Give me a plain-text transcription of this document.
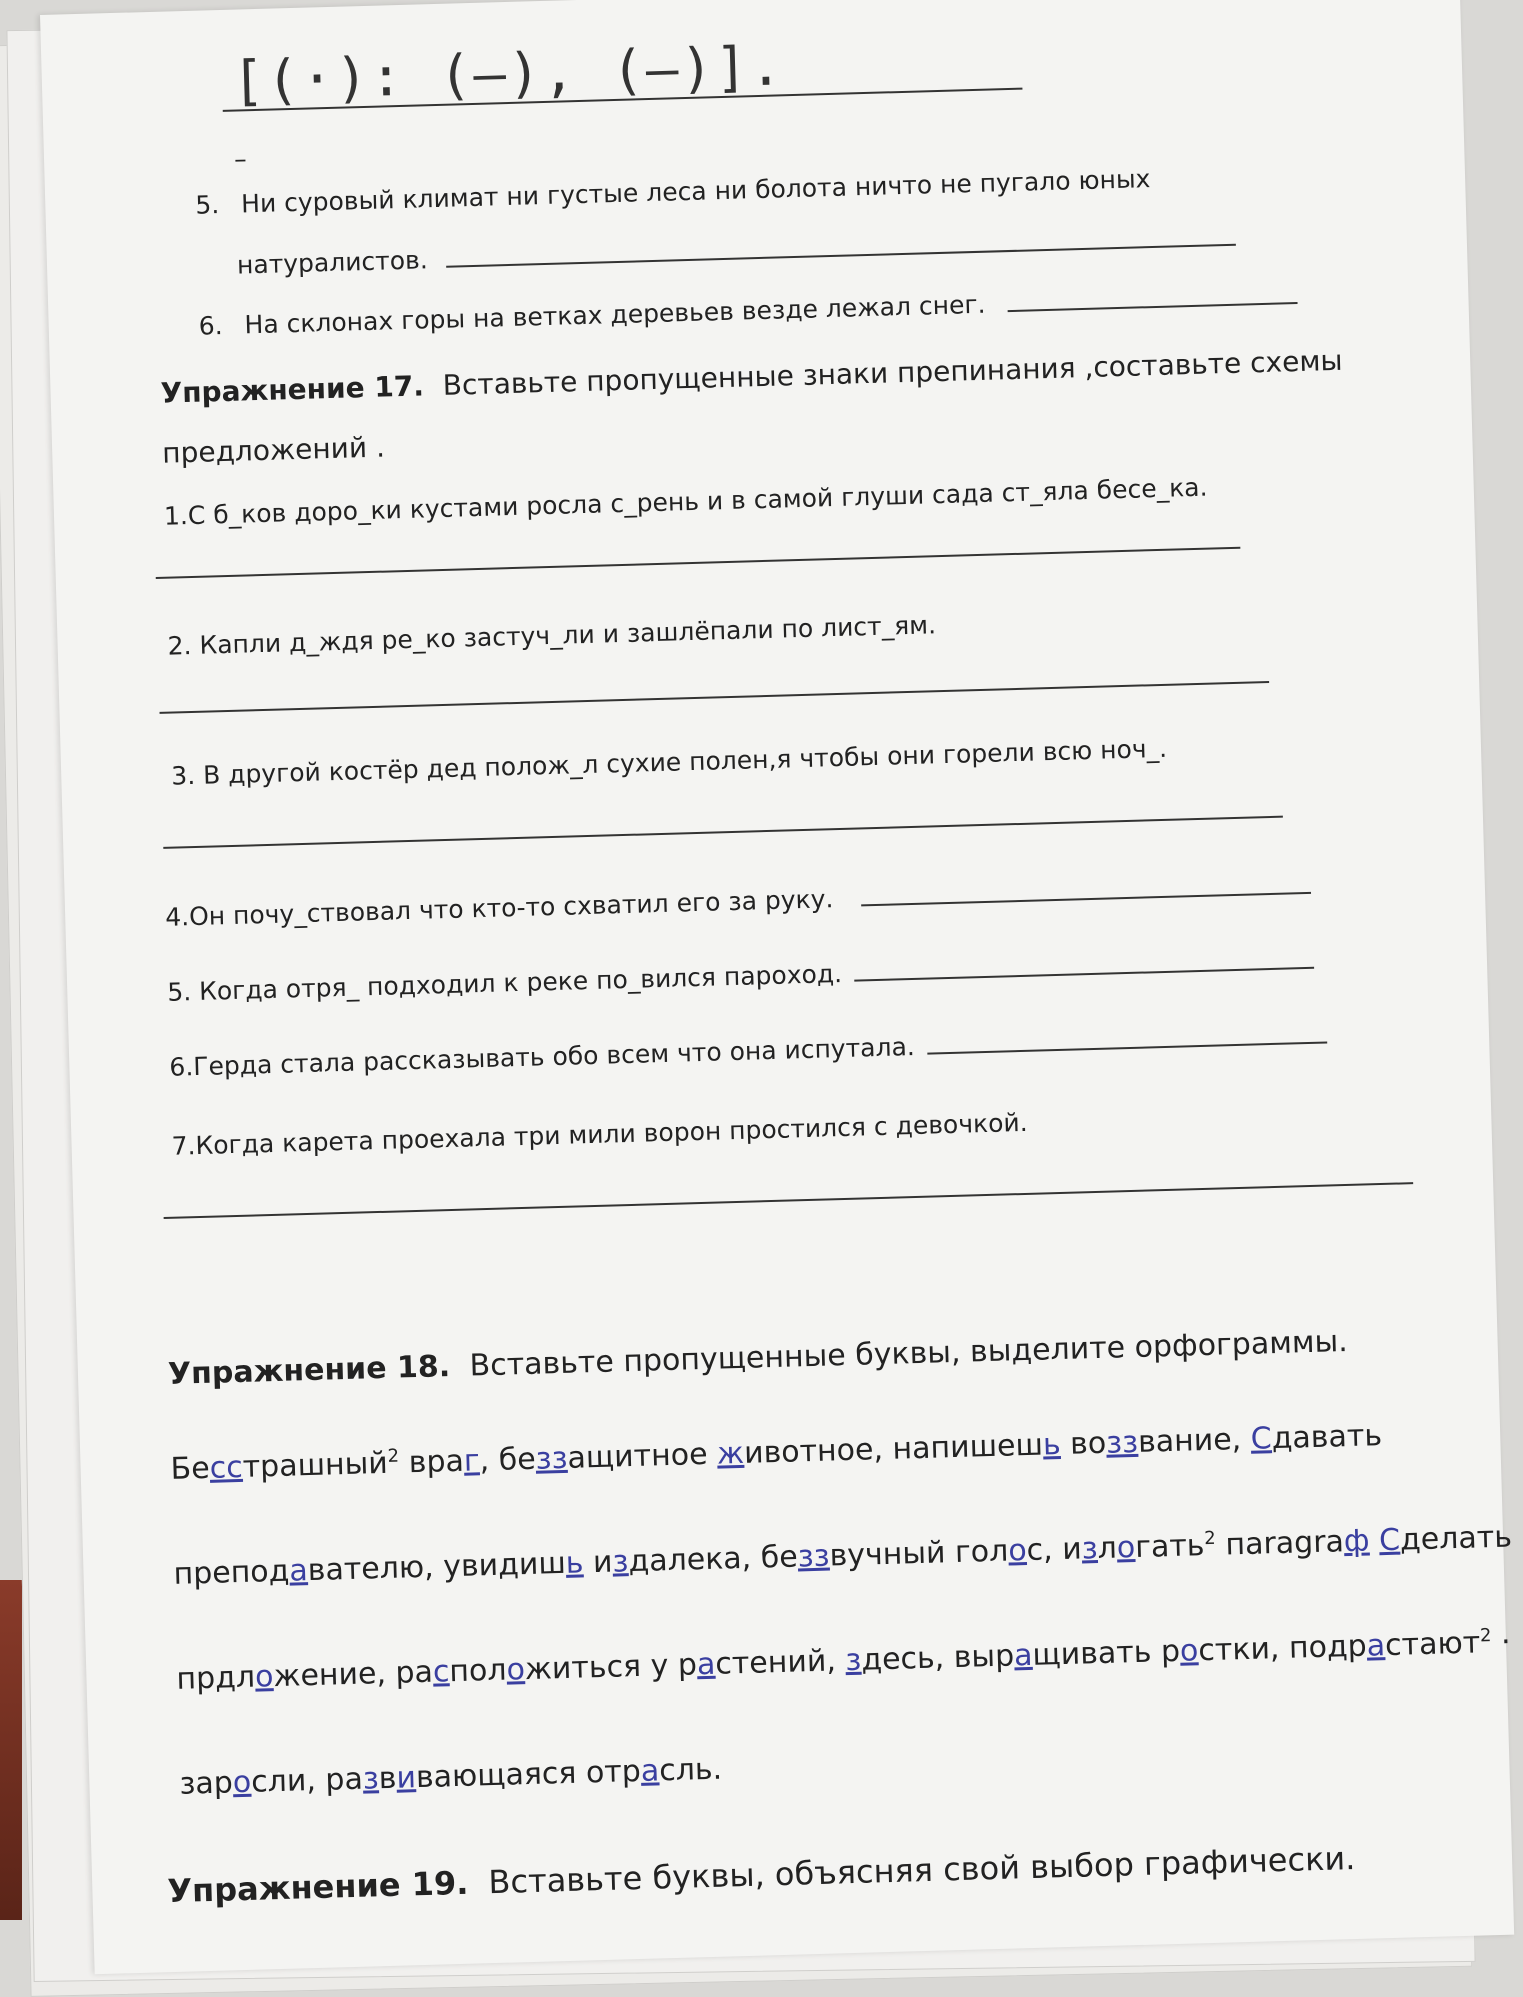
[(·): (–), (–)].
–
5. Ни суровый климат ни густые леса ни болота ничто не пугало юных
натуралистов.
6. На склонах горы на ветках деревьев везде лежал снег.
Упражнение 17. Вставьте пропущенные знаки препинания ,составьте схемы
предложений .
1.С б_ков доро_ки кустами росла с_рень и в самой глуши сада ст_яла бесе_ка.
2. Капли д_ждя ре_ко застуч_ли и зашлёпали по лист_ям.
3. В другой костёр дед полож_л сухие полен,я чтобы они горели всю ноч_.
4.Он почу_ствовал что кто-то схватил его за руку.
5. Когда отря_ подходил к реке по_вился пароход.
6.Герда стала рассказывать обо всем что она испутала.
7.Когда карета проехала три мили ворон простился с девочкой.
Упражнение 18. Вставьте пропущенные буквы, выделите орфограммы.
Бесстрашный$^2$ враг, беззащитное животное, напишешь воззвание, Сдавать
преподавателю, увидишь издалека, беззвучный голос, излогать$^2$ паragraф Сделать
прдложение, расположиться у растений, здесь, выращивать ростки, подрастают$^2$ ·
заросли, развивающаяся отрасль.
Упражнение 19. Вставьте буквы, объясняя свой выбор графически.
